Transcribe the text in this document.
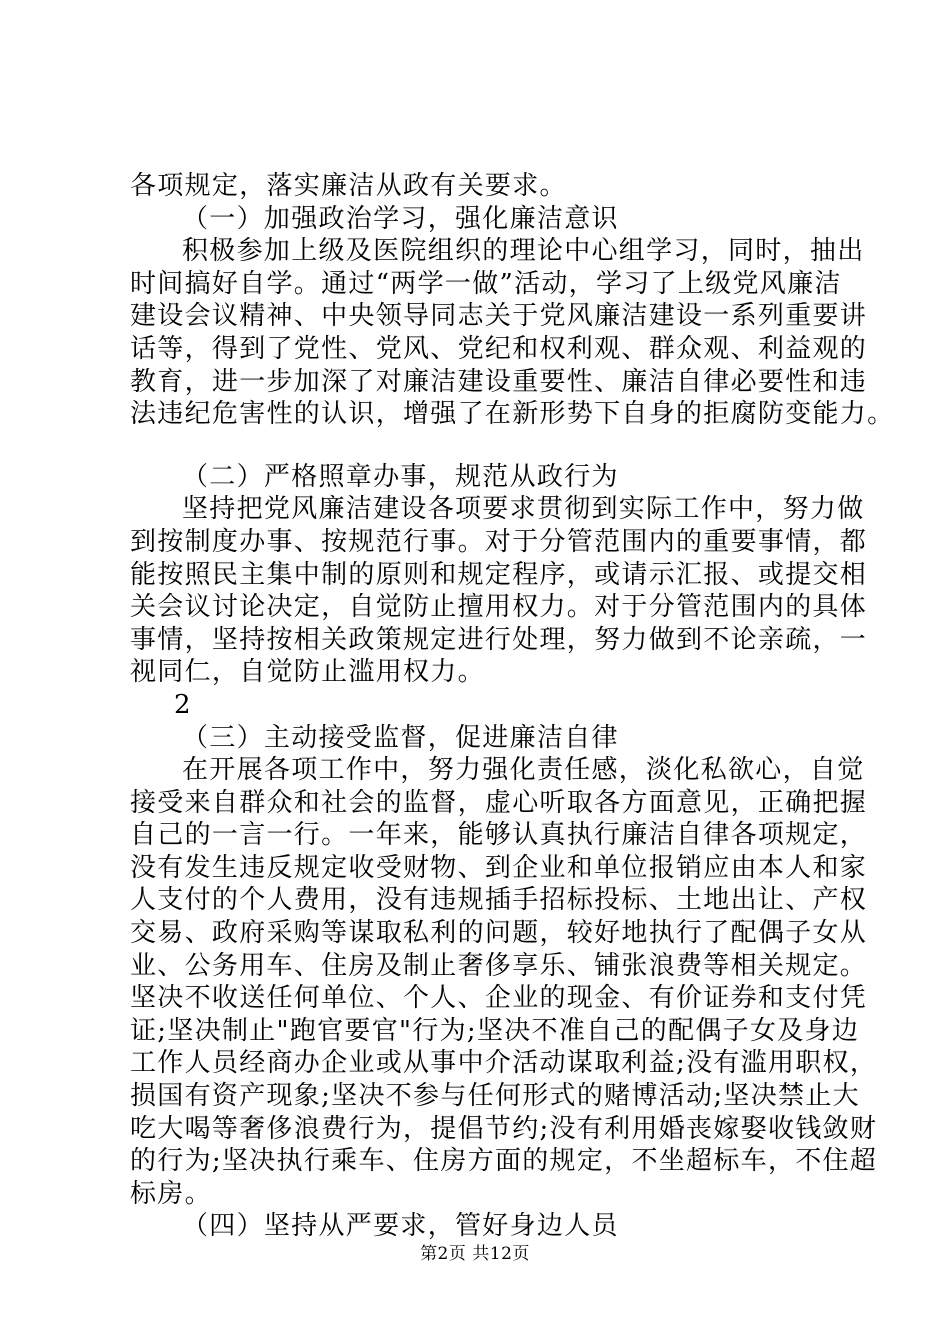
各项规定，落实廉洁从政有关要求。
（一）加强政治学习，强化廉洁意识
积极参加上级及医院组织的理论中心组学习，同时，抽出
时间搞好自学。通过“两学一做”活动，学习了上级党风廉洁
建设会议精神、中央领导同志关于党风廉洁建设一系列重要讲
话等，得到了党性、党风、党纪和权利观、群众观、利益观的
教育，进一步加深了对廉洁建设重要性、廉洁自律必要性和违
法违纪危害性的认识，增强了在新形势下自身的拒腐防变能力。
（二）严格照章办事，规范从政行为
坚持把党风廉洁建设各项要求贯彻到实际工作中，努力做
到按制度办事、按规范行事。对于分管范围内的重要事情，都
能按照民主集中制的原则和规定程序，或请示汇报、或提交相
关会议讨论决定，自觉防止擅用权力。对于分管范围内的具体
事情，坚持按相关政策规定进行处理，努力做到不论亲疏，一
视同仁，自觉防止滥用权力。
2
（三）主动接受监督，促进廉洁自律
在开展各项工作中，努力强化责任感，淡化私欲心，自觉
接受来自群众和社会的监督，虚心听取各方面意见，正确把握
自己的一言一行。一年来，能够认真执行廉洁自律各项规定，
没有发生违反规定收受财物、到企业和单位报销应由本人和家
人支付的个人费用，没有违规插手招标投标、土地出让、产权
交易、政府采购等谋取私利的问题，较好地执行了配偶子女从
业、公务用车、住房及制止奢侈享乐、铺张浪费等相关规定。
坚决不收送任何单位、个人、企业的现金、有价证券和支付凭
证;坚决制止"跑官要官"行为;坚决不准自己的配偶子女及身边
工作人员经商办企业或从事中介活动谋取利益;没有滥用职权，
损国有资产现象;坚决不参与任何形式的赌博活动;坚决禁止大
吃大喝等奢侈浪费行为，提倡节约;没有利用婚丧嫁娶收钱敛财
的行为;坚决执行乘车、住房方面的规定，不坐超标车，不住超
标房。
（四）坚持从严要求，管好身边人员
第2页 共12页
